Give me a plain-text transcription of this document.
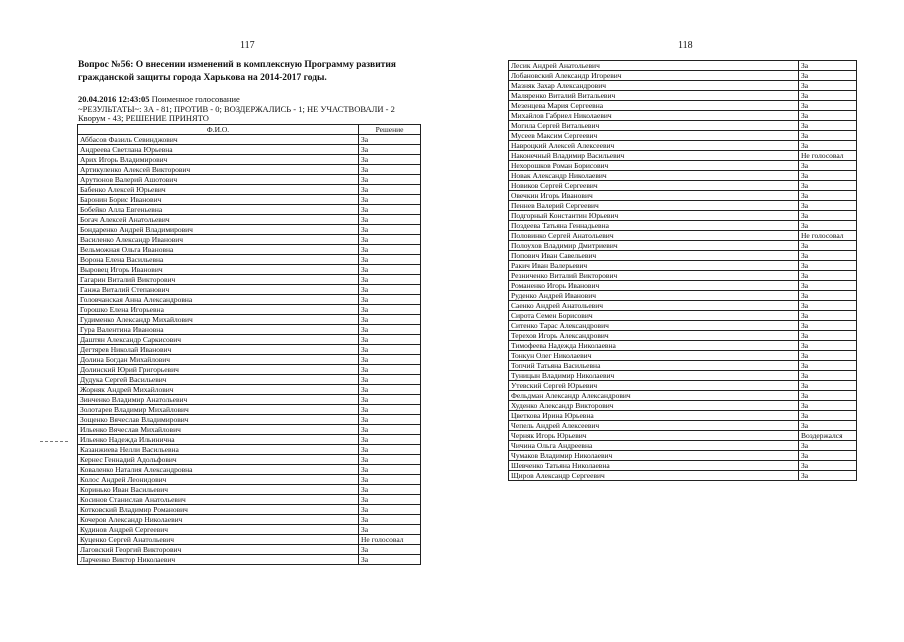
117
Вопрос №56: О внесении изменений в комплексную Программу развития гражданской защиты города Харькова на 2014-2017 годы.
20.04.2016 12:43:05 Поименное голосование
~РЕЗУЛЬТАТЫ~: ЗА - 81; ПРОТИВ - 0; ВОЗДЕРЖАЛИСЬ - 1; НЕ УЧАСТВОВАЛИ - 2
Кворум - 43; РЕШЕНИЕ ПРИНЯТО
Ф.И.О.	Решение
Аббасов Фазиль Севинджович	За
Андреева Светлана Юрьевна	За
Арих Игорь Владимирович	За
Артикуленко Алексей Викторович	За
Арутюнов Валерий Ашотович	За
Бабенко Алексей Юрьевич	За
Баронин Борис Иванович	За
Бобейко Алла Евгеньевна	За
Богач Алексей Анатольевич	За
Бондаренко Андрей Владимирович	За
Василенко Александр Иванович	За
Вельможная Ольга Ивановна	За
Ворона Елена Васильевна	За
Выровец Игорь Иванович	За
Гагарин Виталий Викторович	За
Ганжа Виталий Степанович	За
Головчанская Анна Александровна	За
Горошко Елена Игорьевна	За
Гудименко Александр Михайлович	За
Гура Валентина Ивановна	За
Даштян Александр Саркисович	За
Дегтярев Николай Иванович	За
Долина Богдан Михайлович	За
Долинский Юрий Григорьевич	За
Дудука Сергей Васильевич	За
Жорняк Андрей Михайлович	За
Зинченко Владимир Анатольевич	За
Золотарев Владимир Михайлович	За
Зощенко Вячеслав Владимирович	За
Ильенко Вячеслав Михайлович	За
Ильенко Надежда Ильинична	За
Казанжиева Нелли Васильевна	За
Кернес Геннадий Адольфович	За
Коваленко Наталия Александровна	За
Колос Андрей Леонидович	За
Коринько Иван Васильевич	За
Косинов Станислав Анатольевич	За
Котковский Владимир Романович	За
Кочеров Александр Николаевич	За
Кудинов Андрей Сергеевич	За
Куценко Сергей Анатольевич	Не голосовал
Лаговский Георгий Викторович	За
Ларченко Виктор Николаевич	За
118
Лесик Андрей Анатольевич	За
Лобановский Александр Игоревич	За
Мазняк Захар Александрович	За
Маляренко Виталий Витальевич	За
Мезенцева Мария Сергеевна	За
Михайлов Габриел Николаевич	За
Могила Сергей Витальевич	За
Мусеев Максим Сергеевич	За
Навроцкий Алексей Алексеевич	За
Наконечный Владимир Васильевич	Не голосовал
Нехорошков Роман Борисович	За
Новак Александр Николаевич	За
Новиков Сергей Сергеевич	За
Овечкин Игорь Иванович	За
Пеннев Валерий Сергеевич	За
Подгорный Константин Юрьевич	За
Поздеева Татьяна Геннадьевна	За
Половинко Сергей Анатольевич	Не голосовал
Полоухов Владимир Дмитриевич	За
Попович Иван Савельевич	За
Ракич Иван Валерьевич	За
Резниченко Виталий Викторович	За
Романенко Игорь Иванович	За
Руденко Андрей Иванович	За
Саенко Андрей Анатольевич	За
Сирота Семен Борисович	За
Ситенко Тарас Александрович	За
Терехов Игорь Александрович	За
Тимофеева Надежда Николаевна	За
Тонкун Олег Николаевич	За
Топчий Татьяна Васильевна	За
Туницын Владимир Николаевич	За
Утевский Сергей Юрьевич	За
Фельдман Александр Александрович	За
Худенко Александр Викторович	За
Цветкова Ирина Юрьевна	За
Чепель Андрей Алексеевич	За
Черняк Игорь Юрьевич	Воздержался
Чичина Ольга Андреевна	За
Чумаков Владимир Николаевич	За
Шевченко Татьяна Николаевна	За
Щиров Александр Сергеевич	За
